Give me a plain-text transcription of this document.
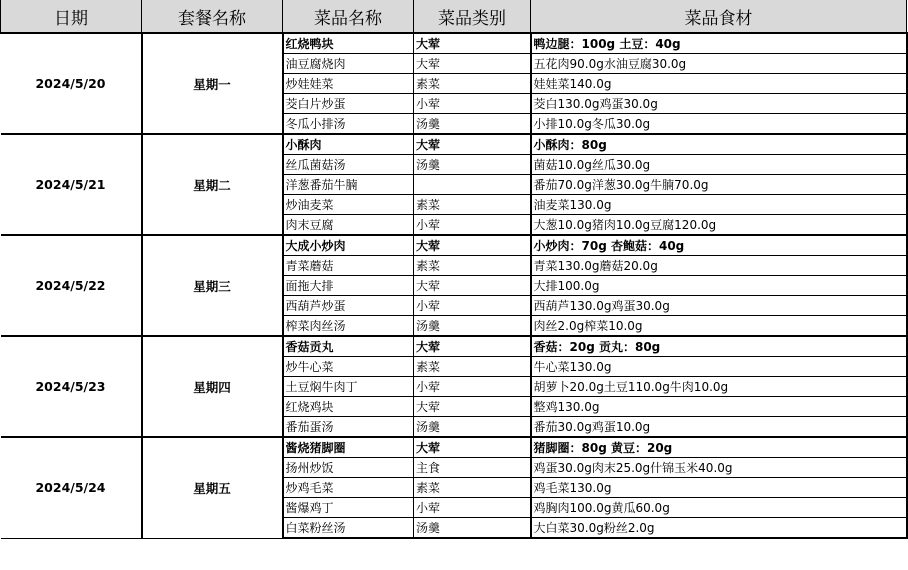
日期	套餐名称	菜品名称	菜品类别	菜品食材
2024/5/20	星期一	红烧鸭块	大荤	鸭边腿：100g 土豆：40g
		油豆腐烧肉	大荤	五花肉90.0g水油豆腐30.0g
		炒娃娃菜	素菜	娃娃菜140.0g
		茭白片炒蛋	小荤	茭白130.0g鸡蛋30.0g
		冬瓜小排汤	汤羹	小排10.0g冬瓜30.0g
2024/5/21	星期二	小酥肉	大荤	小酥肉：80g
		丝瓜菌菇汤	汤羹	菌菇10.0g丝瓜30.0g
		洋葱番茄牛腩		番茄70.0g洋葱30.0g牛腩70.0g
		炒油麦菜	素菜	油麦菜130.0g
		肉末豆腐	小荤	大葱10.0g猪肉10.0g豆腐120.0g
2024/5/22	星期三	大成小炒肉	大荤	小炒肉：70g 杏鲍菇：40g
		青菜蘑菇	素菜	青菜130.0g蘑菇20.0g
		面拖大排	大荤	大排100.0g
		西葫芦炒蛋	小荤	西葫芦130.0g鸡蛋30.0g
		榨菜肉丝汤	汤羹	肉丝2.0g榨菜10.0g
2024/5/23	星期四	香菇贡丸	大荤	香菇：20g 贡丸：80g
		炒牛心菜	素菜	牛心菜130.0g
		土豆焖牛肉丁	小荤	胡萝卜20.0g土豆110.0g牛肉10.0g
		红烧鸡块	大荤	整鸡130.0g
		番茄蛋汤	汤羹	番茄30.0g鸡蛋10.0g
2024/5/24	星期五	酱烧猪脚圈	大荤	猪脚圈：80g 黄豆：20g
		扬州炒饭	主食	鸡蛋30.0g肉末25.0g什锦玉米40.0g
		炒鸡毛菜	素菜	鸡毛菜130.0g
		酱爆鸡丁	小荤	鸡胸肉100.0g黄瓜60.0g
		白菜粉丝汤	汤羹	大白菜30.0g粉丝2.0g
